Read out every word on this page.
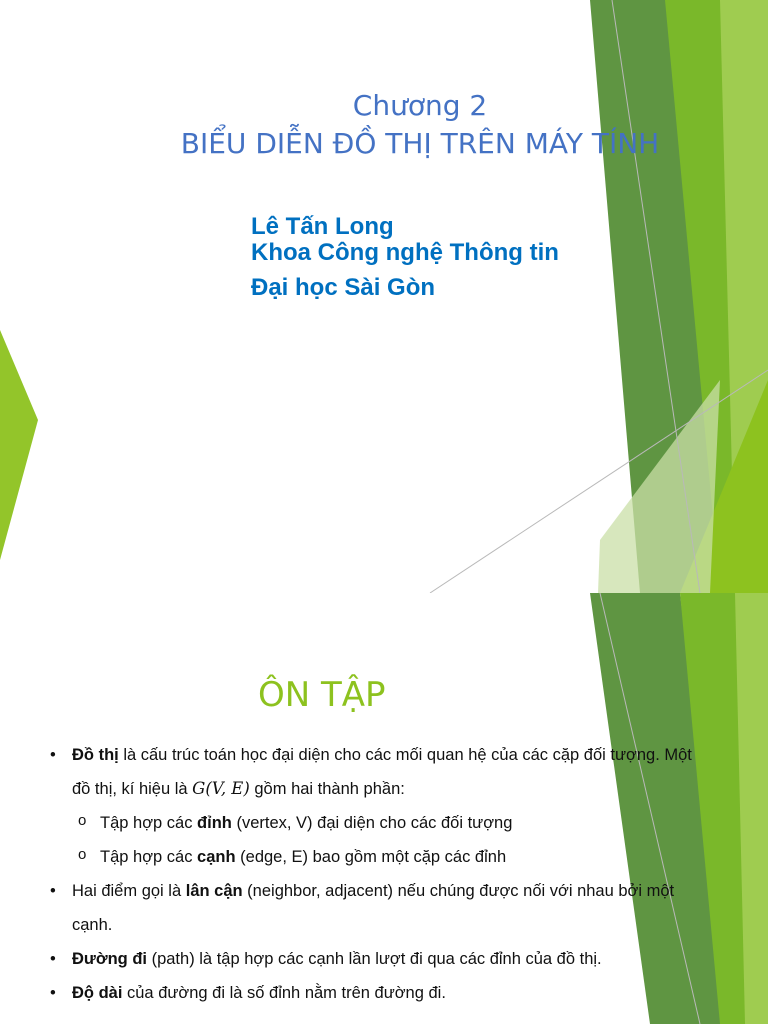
Chương 2
BIỂU DIỄN ĐỒ THỊ TRÊN MÁY TÍNH
Lê Tấn Long
Khoa Công nghệ Thông tin
Đại học Sài Gòn
ÔN TẬP
• Đồ thị là cấu trúc toán học đại diện cho các mối quan hệ của các cặp đối tượng. Một đồ thị, kí hiệu là G(V, E) gồm hai thành phần:
o Tập hợp các đỉnh (vertex, V) đại diện cho các đối tượng
o Tập hợp các cạnh (edge, E) bao gồm một cặp các đỉnh
• Hai điểm gọi là lân cận (neighbor, adjacent) nếu chúng được nối với nhau bởi một cạnh.
• Đường đi (path) là tập hợp các cạnh lần lượt đi qua các đỉnh của đồ thị.
• Độ dài của đường đi là số đỉnh nằm trên đường đi.
